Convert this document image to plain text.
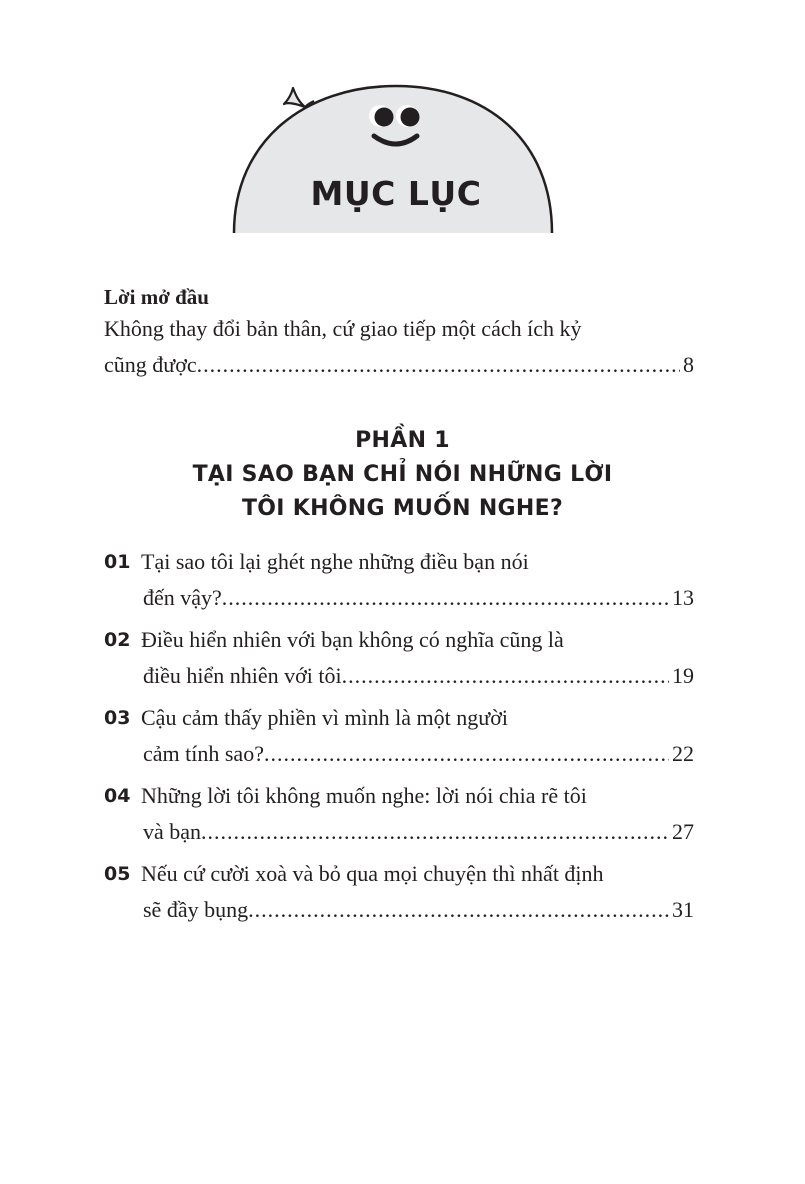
MỤC LỤC
Lời mở đầu
Không thay đổi bản thân, cứ giao tiếp một cách ích kỷ
cũng được .....	8
PHẦN 1
TẠI SAO BẠN CHỈ NÓI NHỮNG LỜI
TÔI KHÔNG MUỐN NGHE?
01 Tại sao tôi lại ghét nghe những điều bạn nói
đến vậy? .....	13
02 Điều hiển nhiên với bạn không có nghĩa cũng là
điều hiển nhiên với tôi .....	19
03 Cậu cảm thấy phiền vì mình là một người
cảm tính sao? .....	22
04 Những lời tôi không muốn nghe: lời nói chia rẽ tôi
và bạn .....	27
05 Nếu cứ cười xoà và bỏ qua mọi chuyện thì nhất định
sẽ đầy bụng .....	31
